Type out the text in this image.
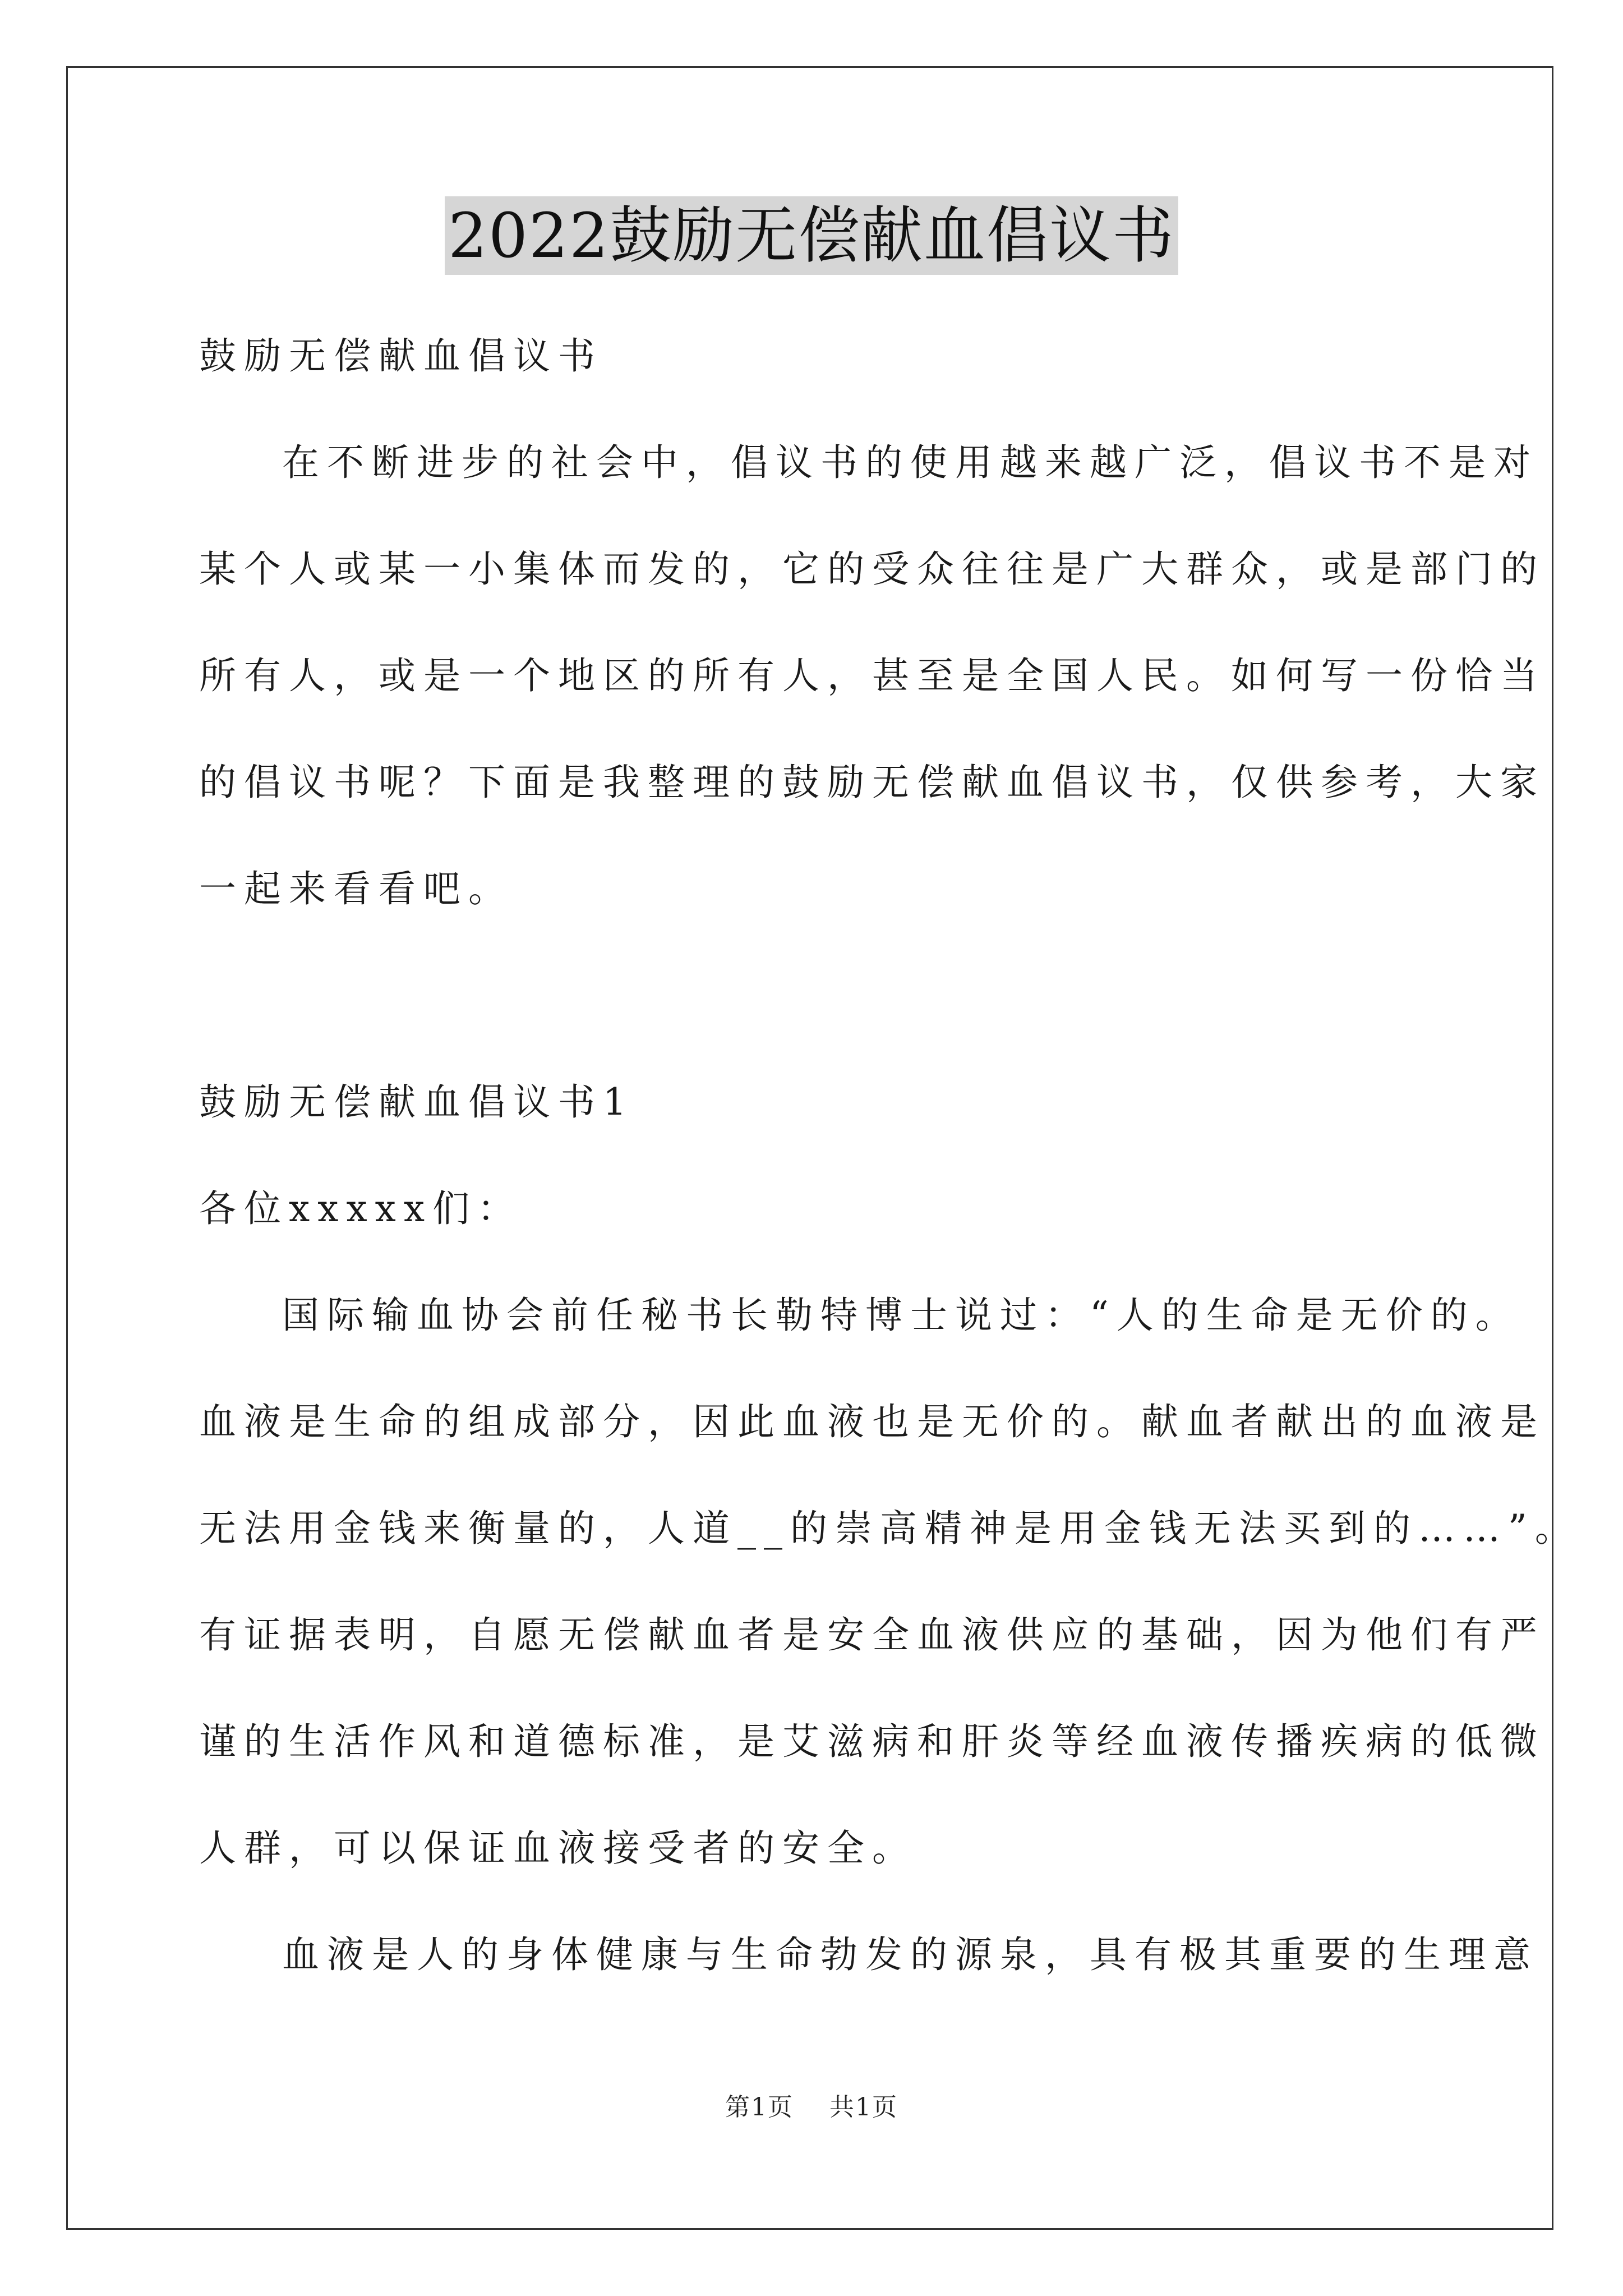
2022鼓励无偿献血倡议书
鼓励无偿献血倡议书
在不断进步的社会中，倡议书的使用越来越广泛，倡议书不是对
某个人或某一小集体而发的，它的受众往往是广大群众，或是部门的
所有人，或是一个地区的所有人，甚至是全国人民。如何写一份恰当
的倡议书呢？下面是我整理的鼓励无偿献血倡议书，仅供参考，大家
一起来看看吧。
鼓励无偿献血倡议书1
各位xxxxx们：
国际输血协会前任秘书长勒特博士说过：“人的生命是无价的。
血液是生命的组成部分，因此血液也是无价的。献血者献出的血液是
无法用金钱来衡量的，人道__的崇高精神是用金钱无法买到的……”。
有证据表明，自愿无偿献血者是安全血液供应的基础，因为他们有严
谨的生活作风和道德标准，是艾滋病和肝炎等经血液传播疾病的低微
人群，可以保证血液接受者的安全。
血液是人的身体健康与生命勃发的源泉，具有极其重要的生理意
第1页 共1页
